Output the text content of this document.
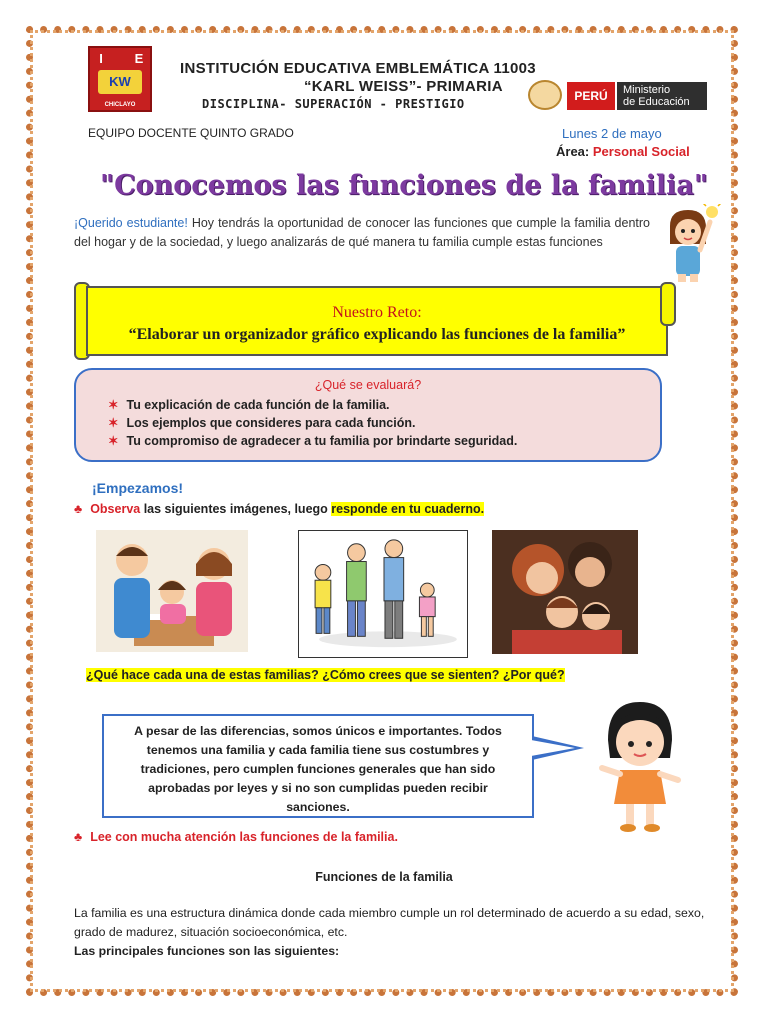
I	E
KW
CHICLAYO
INSTITUCIÓN EDUCATIVA EMBLEMÁTICA 11003
“KARL WEISS”- PRIMARIA
DISCIPLINA- SUPERACIÓN - PRESTIGIO
PERÚ	Ministerio
de Educación
EQUIPO DOCENTE QUINTO GRADO	Lunes 2 de mayo
Área: Personal Social
"Conocemos las funciones de la familia"
¡Querido estudiante! Hoy tendrás la oportunidad de conocer las funciones que cumple la familia dentro del hogar y de la sociedad, y luego analizarás de qué manera tu familia cumple estas funciones
Nuestro Reto:
“Elaborar un organizador gráfico explicando las funciones de la familia”
¿Qué se evaluará?
✶ Tu explicación de cada función de la familia.
✶ Los ejemplos que consideres para cada función.
✶ Tu compromiso de agradecer a tu familia por brindarte seguridad.
¡Empezamos!
♣ Observa las siguientes imágenes, luego responde en tu cuaderno.
¿Qué hace cada una de estas familias? ¿Cómo crees que se sienten? ¿Por qué?

A pesar de las diferencias, somos únicos e importantes. Todos tenemos una familia y cada familia tiene sus costumbres y tradiciones, pero cumplen funciones generales que han sido aprobadas por leyes y si no son cumplidas pueden recibir sanciones.

♣ Lee con mucha atención las funciones de la familia.
Funciones de la familia
La familia es una estructura dinámica donde cada miembro cumple un rol determinado de acuerdo a su edad, sexo, grado de madurez, situación socioeconómica, etc.
Las principales funciones son las siguientes:
